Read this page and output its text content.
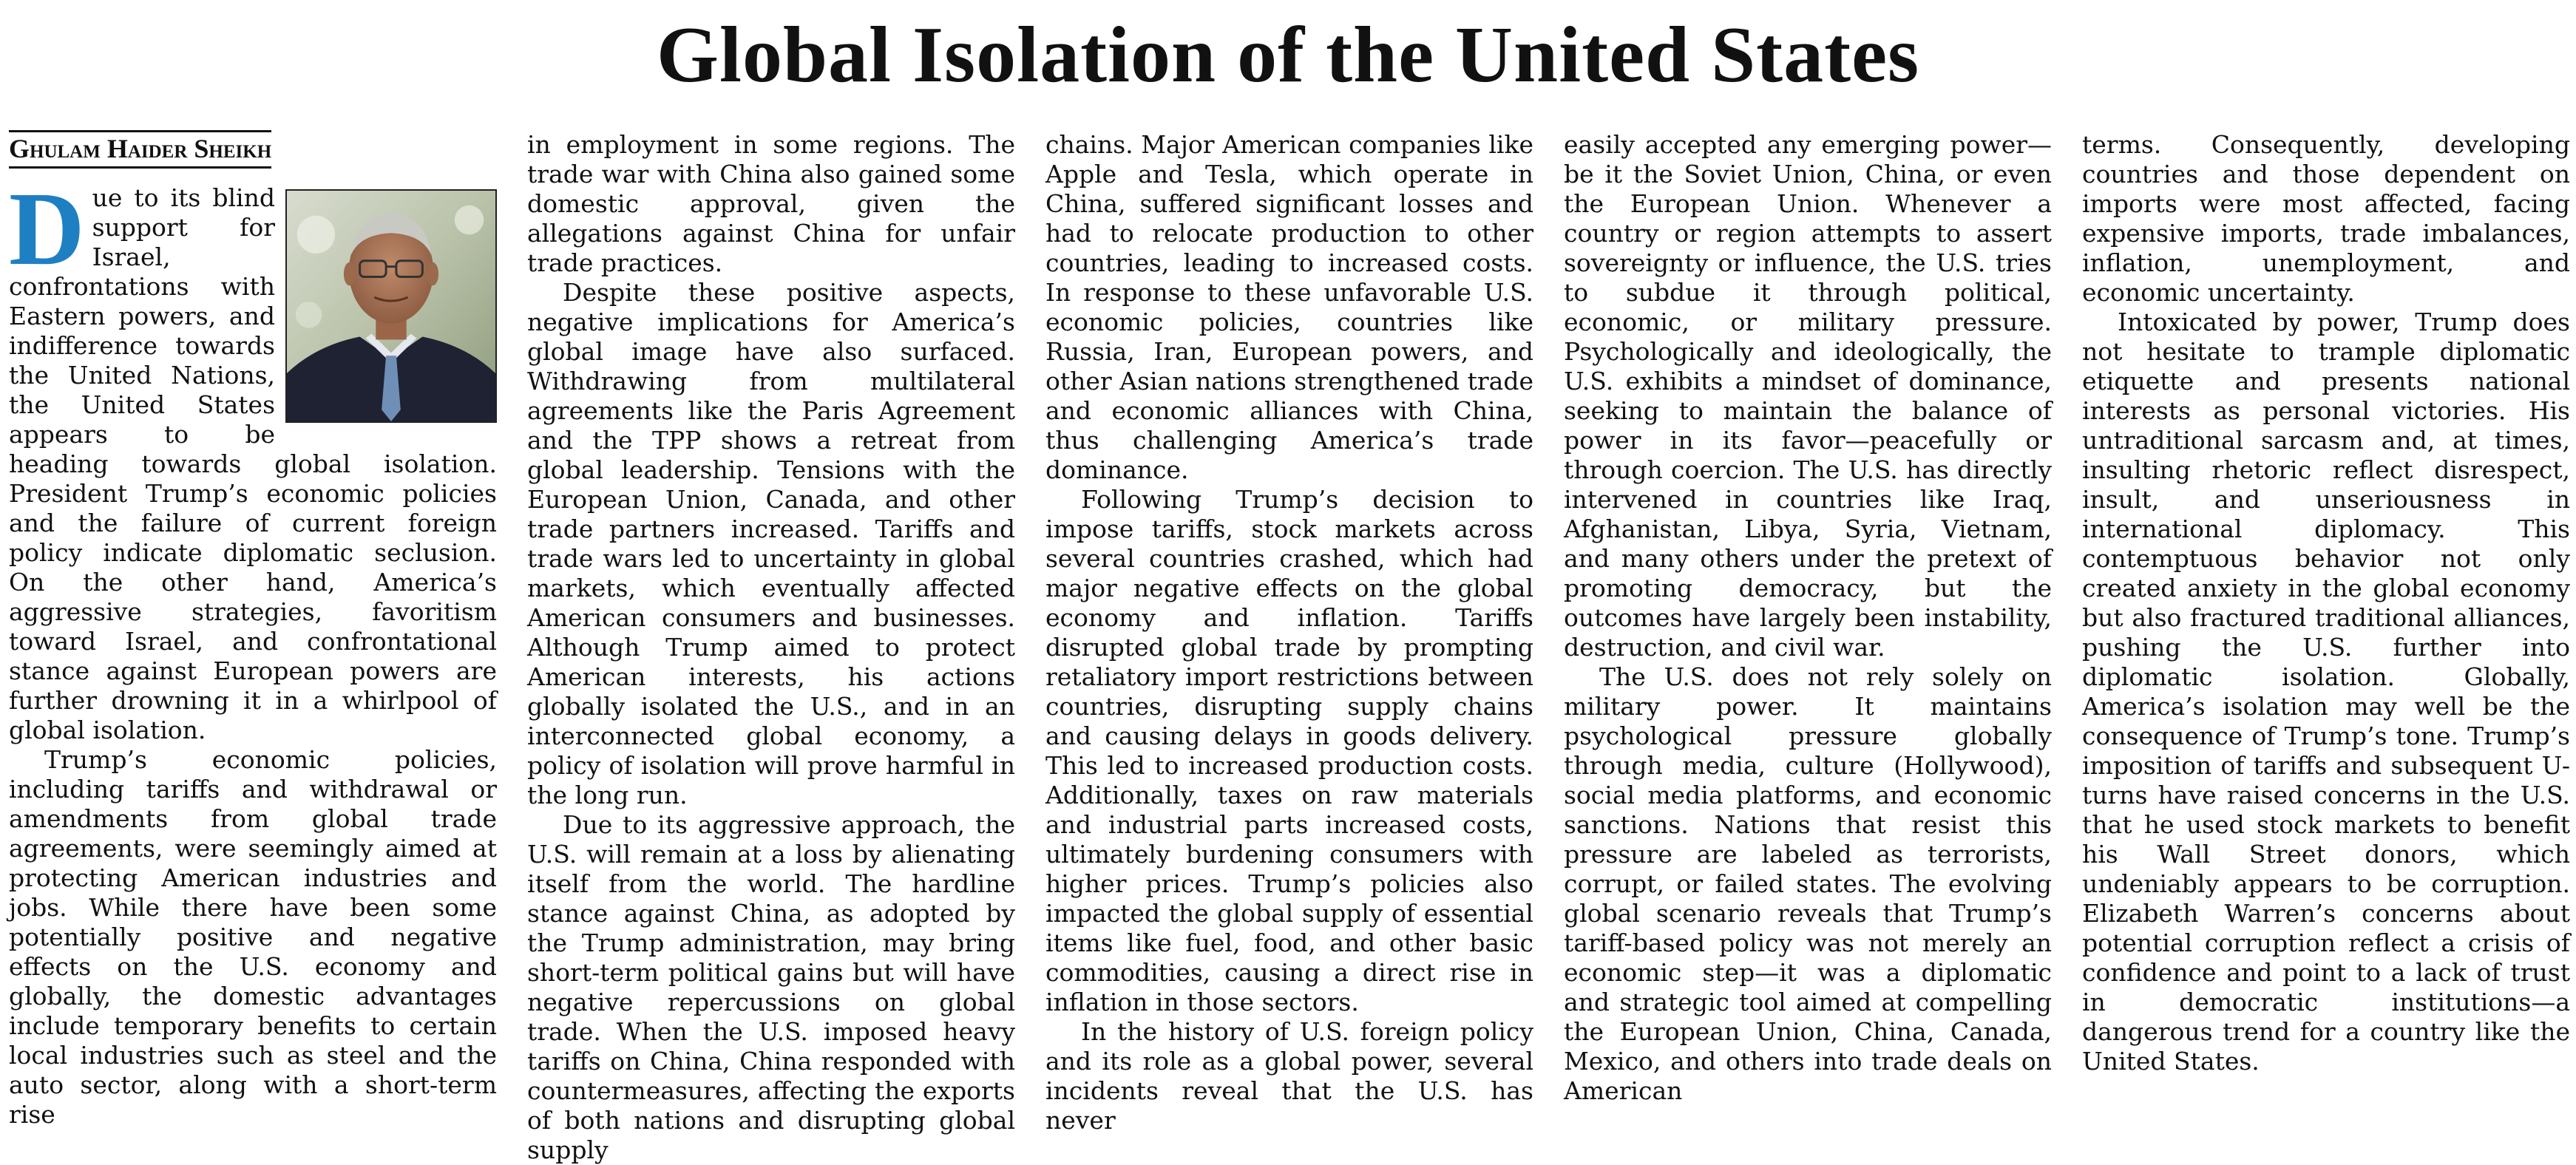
Global Isolation of the United States
Ghulam Haider Sheikh

D ue to its blind support for Israel, confrontations with Eastern powers, and indifference towards the United Nations, the United States appears to be heading towards global isolation. President Trump’s economic policies and the failure of current foreign policy indicate diplomatic seclusion. On the other hand, America’s aggressive strategies, favoritism toward Israel, and confrontational stance against European powers are further drowning it in a whirlpool of global isolation.

Trump’s economic policies, including tariffs and withdrawal or amendments from global trade agreements, were seemingly aimed at protecting American industries and jobs. While there have been some potentially positive and negative effects on the U.S. economy and globally, the domestic advantages include temporary benefits to certain local industries such as steel and the auto sector, along with a short-term rise

in employment in some regions. The trade war with China also gained some domestic approval, given the allegations against China for unfair trade practices.

Despite these positive aspects, negative implications for America’s global image have also surfaced. Withdrawing from multilateral agreements like the Paris Agreement and the TPP shows a retreat from global leadership. Tensions with the European Union, Canada, and other trade partners increased. Tariffs and trade wars led to uncertainty in global markets, which eventually affected American consumers and businesses. Although Trump aimed to protect American interests, his actions globally isolated the U.S., and in an interconnected global economy, a policy of isolation will prove harmful in the long run.

Due to its aggressive approach, the U.S. will remain at a loss by alienating itself from the world. The hardline stance against China, as adopted by the Trump administration, may bring short-term political gains but will have negative repercussions on global trade. When the U.S. imposed heavy tariffs on China, China responded with countermeasures, affecting the exports of both nations and disrupting global supply

chains. Major American companies like Apple and Tesla, which operate in China, suffered significant losses and had to relocate production to other countries, leading to increased costs. In response to these unfavorable U.S. economic policies, countries like Russia, Iran, European powers, and other Asian nations strengthened trade and economic alliances with China, thus challenging America’s trade dominance.

Following Trump’s decision to impose tariffs, stock markets across several countries crashed, which had major negative effects on the global economy and inflation. Tariffs disrupted global trade by prompting retaliatory import restrictions between countries, disrupting supply chains and causing delays in goods delivery. This led to increased production costs. Additionally, taxes on raw materials and industrial parts increased costs, ultimately burdening consumers with higher prices. Trump’s policies also impacted the global supply of essential items like fuel, food, and other basic commodities, causing a direct rise in inflation in those sectors.

In the history of U.S. foreign policy and its role as a global power, several incidents reveal that the U.S. has never

easily accepted any emerging power—be it the Soviet Union, China, or even the European Union. Whenever a country or region attempts to assert sovereignty or influence, the U.S. tries to subdue it through political, economic, or military pressure. Psychologically and ideologically, the U.S. exhibits a mindset of dominance, seeking to maintain the balance of power in its favor—peacefully or through coercion. The U.S. has directly intervened in countries like Iraq, Afghanistan, Libya, Syria, Vietnam, and many others under the pretext of promoting democracy, but the outcomes have largely been instability, destruction, and civil war.

The U.S. does not rely solely on military power. It maintains psychological pressure globally through media, culture (Hollywood), social media platforms, and economic sanctions. Nations that resist this pressure are labeled as terrorists, corrupt, or failed states. The evolving global scenario reveals that Trump’s tariff-based policy was not merely an economic step—it was a diplomatic and strategic tool aimed at compelling the European Union, China, Canada, Mexico, and others into trade deals on American

terms. Consequently, developing countries and those dependent on imports were most affected, facing expensive imports, trade imbalances, inflation, unemployment, and economic uncertainty.

Intoxicated by power, Trump does not hesitate to trample diplomatic etiquette and presents national interests as personal victories. His untraditional sarcasm and, at times, insulting rhetoric reflect disrespect, insult, and unseriousness in international diplomacy. This contemptuous behavior not only created anxiety in the global economy but also fractured traditional alliances, pushing the U.S. further into diplomatic isolation. Globally, America’s isolation may well be the consequence of Trump’s tone. Trump’s imposition of tariffs and subsequent U-turns have raised concerns in the U.S. that he used stock markets to benefit his Wall Street donors, which undeniably appears to be corruption. Elizabeth Warren’s concerns about potential corruption reflect a crisis of confidence and point to a lack of trust in democratic institutions—a dangerous trend for a country like the United States.
